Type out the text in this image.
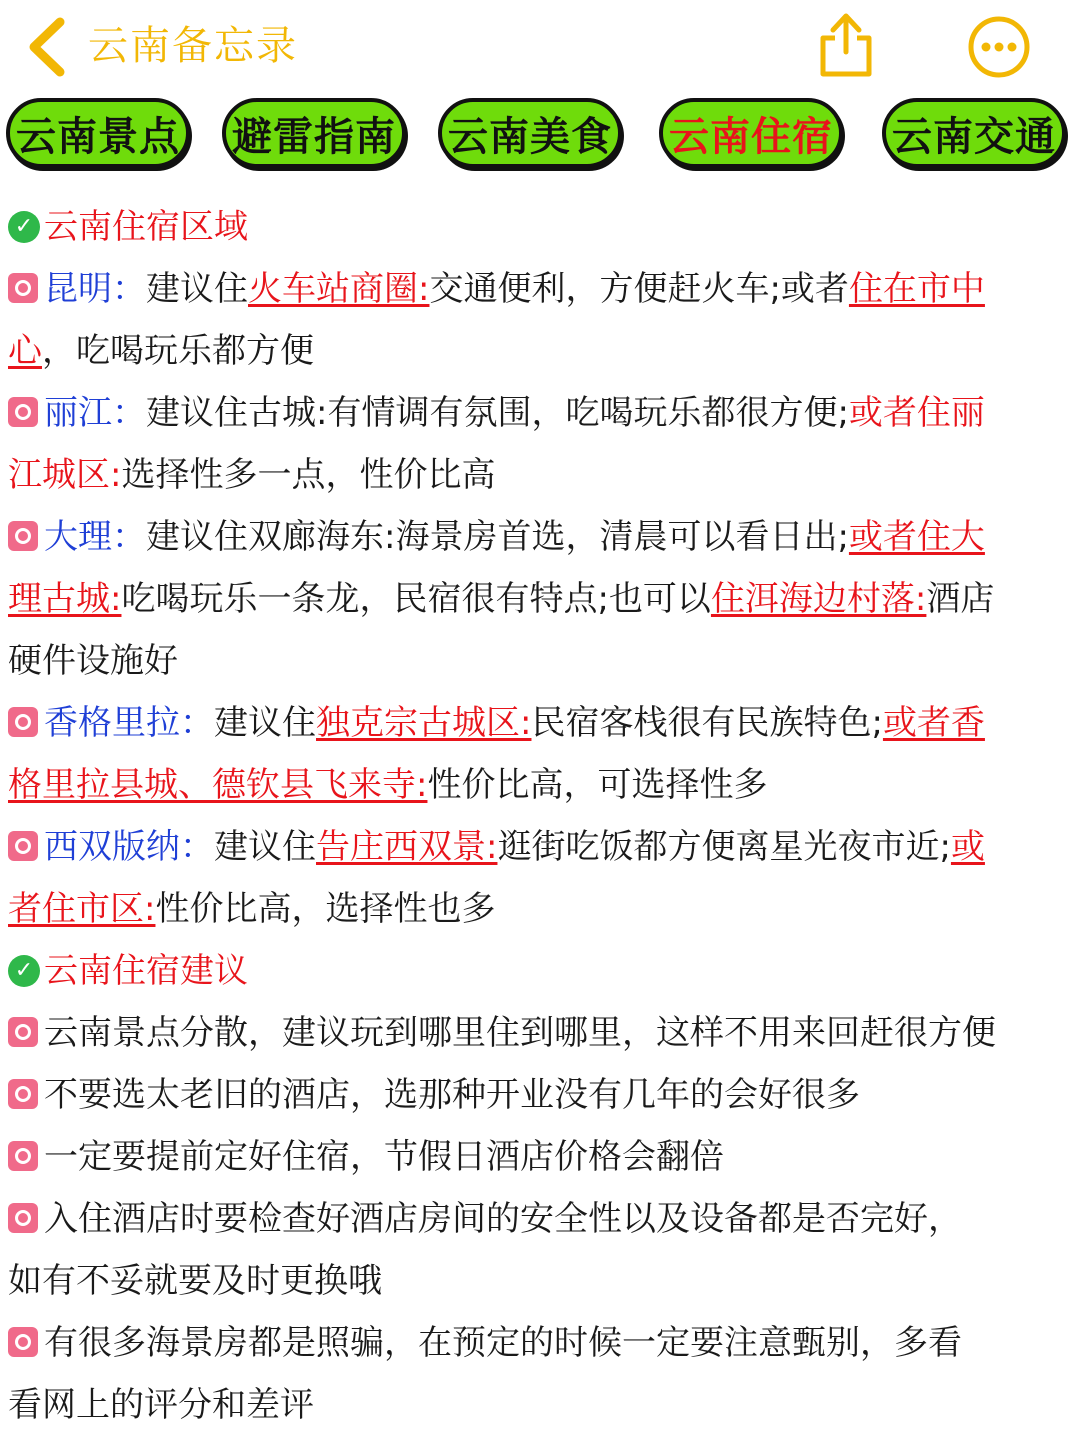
云南备忘录
云南景点 避雷指南 云南美食 云南住宿 云南交通
✓ 云南住宿区域
昆明：建议住火车站商圈:交通便利，方便赶火车;或者住在市中
心，吃喝玩乐都方便
丽江：建议住古城:有情调有氛围，吃喝玩乐都很方便;或者住丽
江城区:选择性多一点，性价比高
大理：建议住双廊海东:海景房首选，清晨可以看日出;或者住大
理古城:吃喝玩乐一条龙，民宿很有特点;也可以住洱海边村落:酒店
硬件设施好
香格里拉：建议住独克宗古城区:民宿客栈很有民族特色;或者香
格里拉县城、德钦县飞来寺:性价比高，可选择性多
西双版纳：建议住告庄西双景:逛街吃饭都方便离星光夜市近;或
者住市区:性价比高，选择性也多
✓ 云南住宿建议
云南景点分散，建议玩到哪里住到哪里，这样不用来回赶很方便
不要选太老旧的酒店，选那种开业没有几年的会好很多
一定要提前定好住宿，节假日酒店价格会翻倍
入住酒店时要检查好酒店房间的安全性以及设备都是否完好，
如有不妥就要及时更换哦
有很多海景房都是照骗，在预定的时候一定要注意甄别，多看
看网上的评分和差评
